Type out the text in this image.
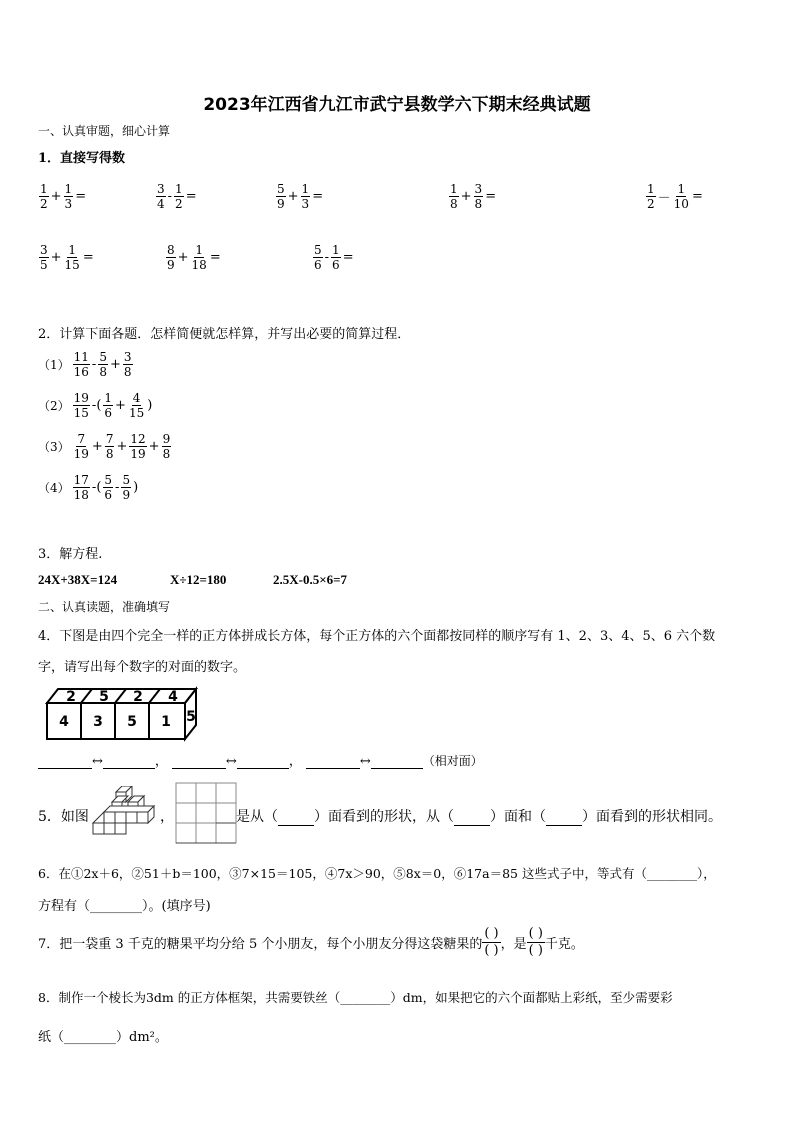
2023年江西省九江市武宁县数学六下期末经典试题
一、认真审题，细心计算
1．直接写得数
$\frac{1}{2} + \frac{1}{3}$ =	$\frac{3}{4} - \frac{1}{2}$ =	$\frac{5}{9} + \frac{1}{3}$ =	$\frac{1}{8} + \frac{3}{8}$ =	$\frac{1}{2} - \frac{1}{10}$ =
$\frac{3}{5} + \frac{1}{15}$ =	$\frac{8}{9} + \frac{1}{18}$ =	$\frac{5}{6} - \frac{1}{6}$ =
2．计算下面各题．怎样简便就怎样算，并写出必要的简算过程．
$(1) \frac{11}{16} - \frac{5}{8} + \frac{3}{8}$
$(2) \frac{19}{15}$ -( $\frac{1}{6} + \frac{4}{15}$ )
$(3) \frac{7}{19} + \frac{7}{8} + \frac{12}{19} + \frac{9}{8}$
$(4) \frac{17}{18}$ -( $\frac{5}{6} - \frac{5}{9}$ )
3．解方程.
24X+38X=124	X÷12=180	2.5X-0.5×6=7
二、认真读题，准确填写
4．下图是由四个完全一样的正方体拼成长方体，每个正方体的六个面都按同样的顺序写有 1、2、3、4、5、6 六个数
字，请写出每个数字的对面的数字。
2 5 2 4
4 3 5 1 5
↔	，	↔	，	↔	（相对面）
5．如图	，	是从（	）面看到的形状，从（	）面和（	）面看到的形状相同。
6．在①2x＋6，②51＋b＝100，③7×15＝105，④7x＞90，⑤8x＝0，⑥17a＝85 这些式子中，等式有（________），
方程有（________）。(填序号)
7．把一袋重 3 千克的糖果平均分给 5 个小朋友，每个小朋友分得这袋糖果的
( )
( ) ，是
( )
( ) 千克。
8．制作一个棱长为3dm 的正方体框架，共需要铁丝（________）dm，如果把它的六个面都贴上彩纸，至少需要彩
纸（________）dm²。
